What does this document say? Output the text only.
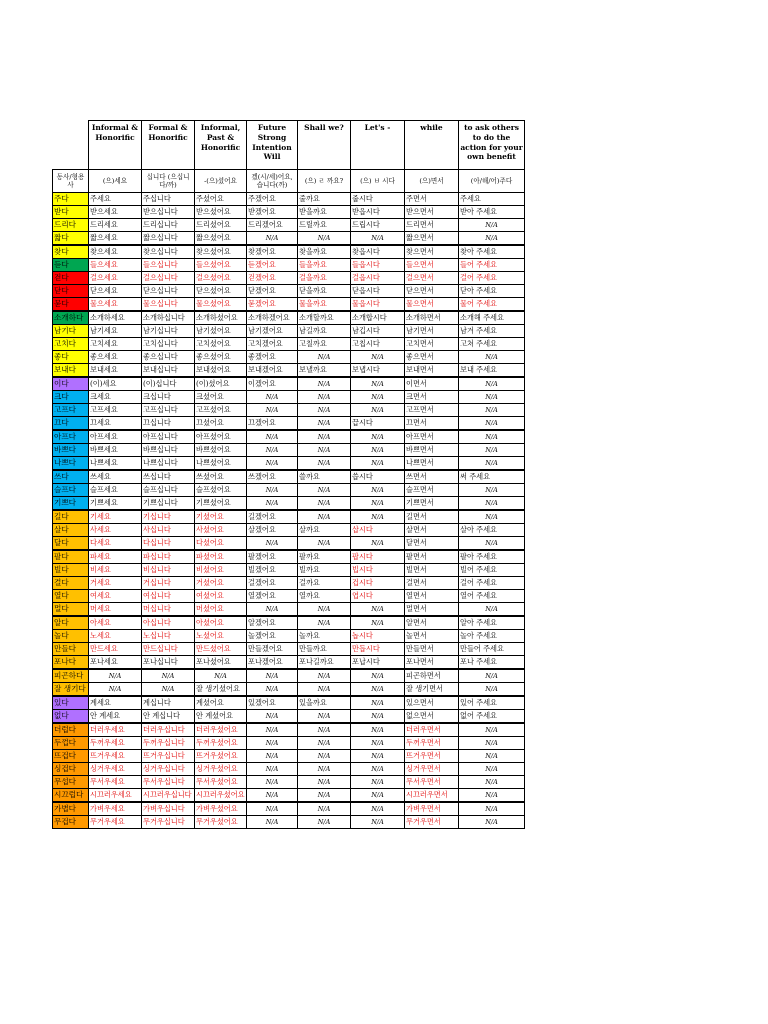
	Informal & Honorific	Formal & Honorific	Informal, Past & Honorific	Future Strong Intention Will	Shall we?	Let's -	while	to ask others to do the action for your own benefit
동사/형용사	(으)세요	십니다 (으십니다/까)	-(으)셨어요	겠(시/세)어요, 습니다(까)	(으) ㄹ 까요?	(으) ㅂ 시다	(으)면서	(아/해/어)주다
주다	주세요	주십니다	주셨어요	주겠어요	줄까요	줍시다	주면서	주세요
받다	받으세요	받으십니다	받으셨어요	받겠어요	받을까요	받읍시다	받으면서	받아 주세요
드리다	드리세요	드리십니다	드리셨어요	드리겠어요	드릴까요	드립시다	드리면서	N/A
짧다	짧으세요	짧으십니다	짧으셨어요	N/A	N/A	N/A	짧으면서	N/A
찾다	찾으세요	찾으십니다	찾으셨어요	찾겠어요	찾을까요	찾읍시다	찾으면서	찾아 주세요
듣다	들으세요	들으십니다	들으셨어요	듣겠어요	들을까요	들읍시다	들으면서	들어 주세요
걷다	걸으세요	걸으십니다	걸으셨어요	걷겠어요	걸을까요	걸읍시다	걸으면서	걸어 주세요
닫다	닫으세요	닫으십니다	닫으셨어요	닫겠어요	닫을까요	닫읍시다	닫으면서	닫아 주세요
묻다	물으세요	물으십니다	물으셨어요	묻겠어요	물을까요	물읍시다	물으면서	물어 주세요
소개하다	소개하세요	소개하십니다	소개하셨어요	소개하겠어요	소개할까요	소개합시다	소개하면서	소개해 주세요
남기다	남기세요	남기십니다	남기셨어요	남기겠어요	남길까요	남깁시다	남기면서	남겨 주세요
고치다	고치세요	고치십니다	고치셨어요	고치겠어요	고칠까요	고칩시다	고치면서	고쳐 주세요
좋다	좋으세요	좋으십니다	좋으셨어요	좋겠어요	N/A	N/A	좋으면서	N/A
보내다	보내세요	보내십니다	보내셨어요	보내겠어요	보낼까요	보냅시다	보내면서	보내 주세요
이다	(이)세요	(이)십니다	(이)셨어요	이겠어요	N/A	N/A	이면서	N/A
크다	크세요	크십니다	크셨어요	N/A	N/A	N/A	크면서	N/A
고프다	고프세요	고프십니다	고프셨어요	N/A	N/A	N/A	고프면서	N/A
끄다	끄세요	끄십니다	끄셨어요	끄겠어요	N/A	끕시다	끄면서	N/A
아프다	아프세요	아프십니다	아프셨어요	N/A	N/A	N/A	아프면서	N/A
바쁘다	바쁘세요	바쁘십니다	바쁘셨어요	N/A	N/A	N/A	바쁘면서	N/A
나쁘다	나쁘세요	나쁘십니다	나쁘셨어요	N/A	N/A	N/A	나쁘면서	N/A
쓰다	쓰세요	쓰십니다	쓰셨어요	쓰겠어요	쓸까요	씁시다	쓰면서	써 주세요
슬프다	슬프세요	슬프십니다	슬프셨어요	N/A	N/A	N/A	슬프면서	N/A
기쁘다	기쁘세요	기쁘십니다	기쁘셨어요	N/A	N/A	N/A	기쁘면서	N/A
길다	기세요	기십니다	기셨어요	길겠어요	N/A	N/A	길면서	N/A
살다	사세요	사십니다	사셨어요	살겠어요	살까요	삽시다	살면서	살아 주세요
달다	다세요	다십니다	다셨어요	N/A	N/A	N/A	달면서	N/A
팔다	파세요	파십니다	파셨어요	팔겠어요	팔까요	팝시다	팔면서	팔아 주세요
빌다	비세요	비십니다	비셨어요	빌겠어요	빌까요	빕시다	빌면서	빌어 주세요
걸다	거세요	거십니다	거셨어요	걸겠어요	걸까요	겁시다	걸면서	걸어 주세요
열다	여세요	여십니다	여셨어요	열겠어요	열까요	엽시다	열면서	열어 주세요
멀다	머세요	머십니다	머셨어요	N/A	N/A	N/A	멀면서	N/A
알다	아세요	아십니다	아셨어요	알겠어요	N/A	N/A	알면서	알아 주세요
놀다	노세요	노십니다	노셨어요	놀겠어요	놀까요	놉시다	놀면서	놀아 주세요
만들다	만드세요	만드십니다	만드셨어요	만들겠어요	만들까요	만듭시다	만들면서	만들어 주세요
포나다	포나세요	포나십니다	포나셨어요	포나겠어요	포나길까요	포납시다	포나면서	포나 주세요
피곤하다	N/A	N/A	N/A	N/A	N/A	N/A	피곤하면서	N/A
잘 생기다	N/A	N/A	잘 생기셨어요	N/A	N/A	N/A	잘 생기면서	N/A
있다	계세요	계십니다	계셨어요	있겠어요	있을까요	N/A	있으면서	있어 주세요
없다	안 계세요	안 계십니다	안 계셨어요	N/A	N/A	N/A	없으면서	없어 주세요
더럽다	더러우세요	더러우십니다	더러우셨어요	N/A	N/A	N/A	더러우면서	N/A
두껍다	두꺼우세요	두꺼우십니다	두꺼우셨어요	N/A	N/A	N/A	두꺼우면서	N/A
뜨겁다	뜨거우세요	뜨거우십니다	뜨거우셨어요	N/A	N/A	N/A	뜨거우면서	N/A
싱겁다	싱거우세요	싱거우십니다	싱거우셨어요	N/A	N/A	N/A	싱거우면서	N/A
무섭다	무서우세요	무서우십니다	무서우셨어요	N/A	N/A	N/A	무서우면서	N/A
시끄럽다	시끄러우세요	시끄러우십니다	시끄러우셨어요	N/A	N/A	N/A	시끄러우면서	N/A
가볍다	가벼우세요	가벼우십니다	가벼우셨어요	N/A	N/A	N/A	가벼우면서	N/A
무겁다	무거우세요	무거우십니다	무거우셨어요	N/A	N/A	N/A	무거우면서	N/A
